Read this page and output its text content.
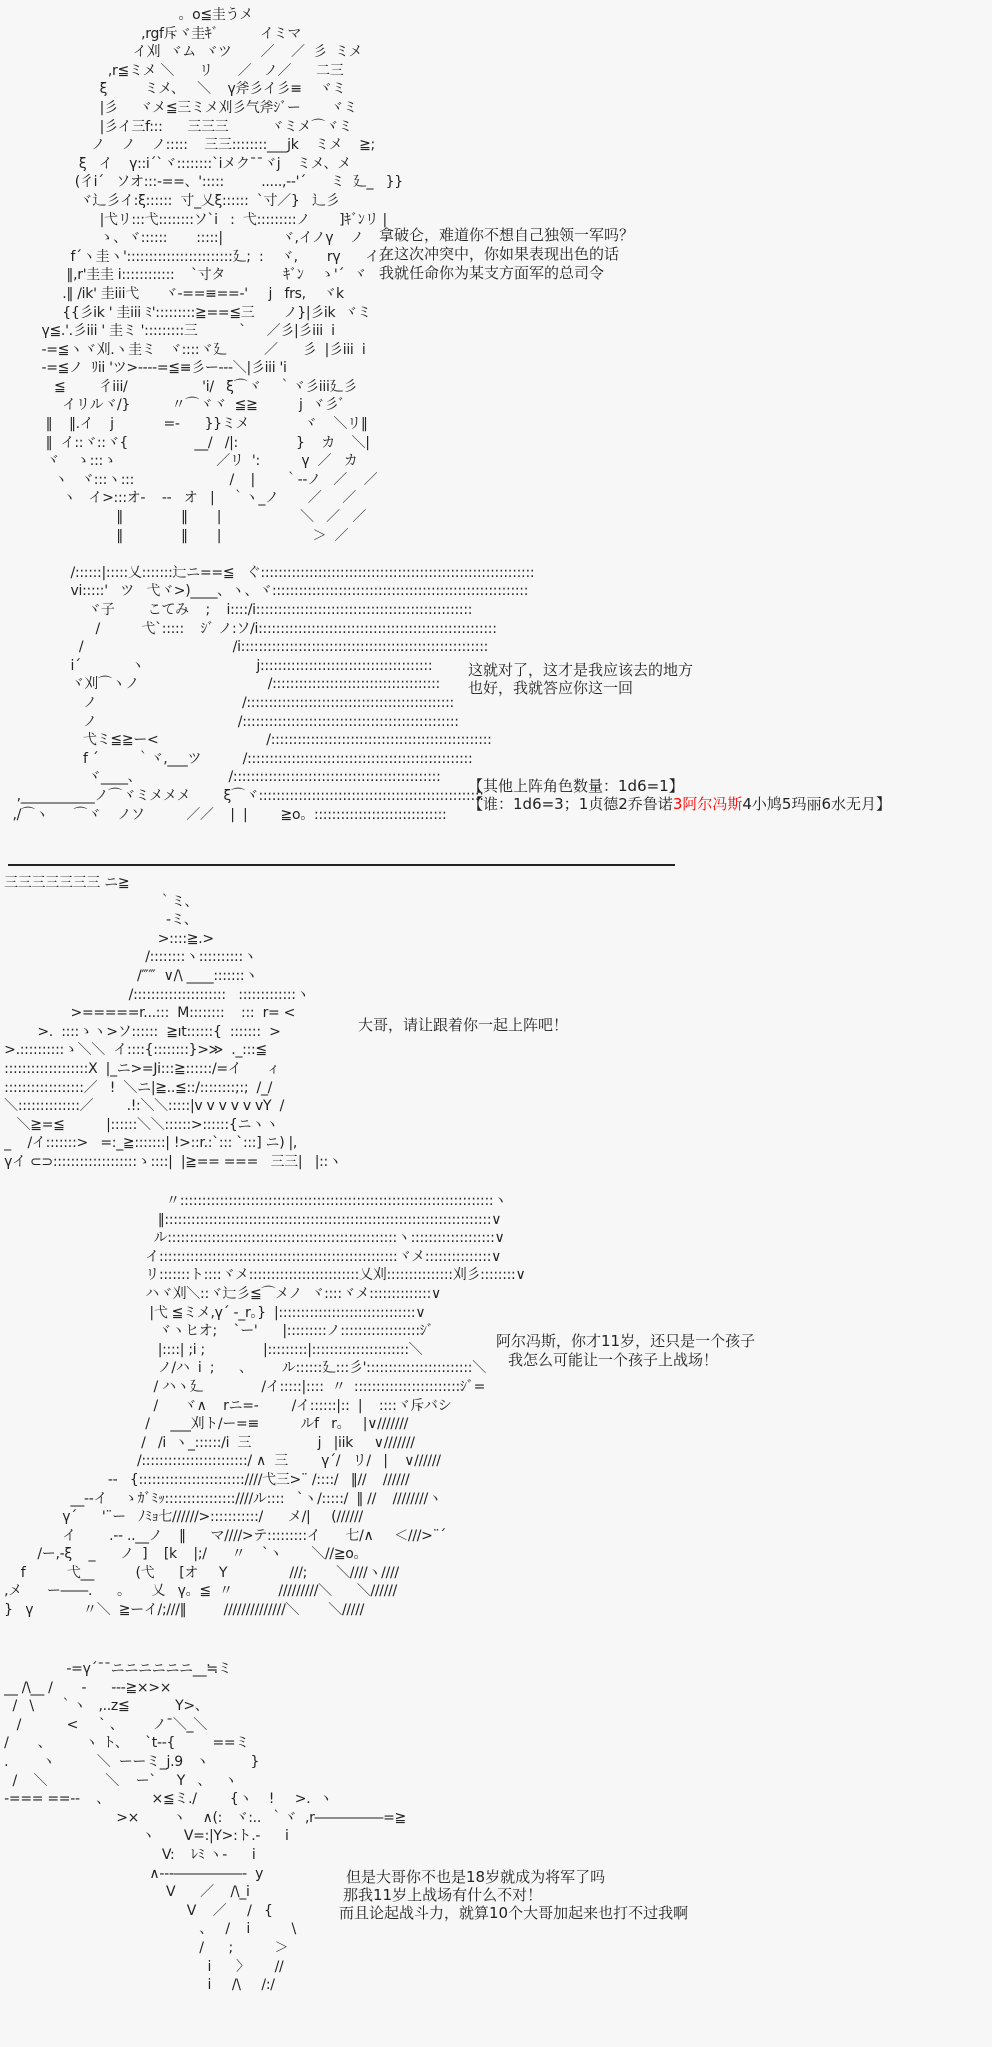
。o≦圭うメ
,rgf斥ヾ圭ｷﾞ          イミマ
イ刈  ヾム  ヾツ       ／    ／  彡  ミメ
,r≦ミメ ＼      リ      ／   ノ／      二三
ξ         ミメ、   ＼    ү斧彡イ彡≡    ヾミ
|彡     ヾメ≦三ミメ刈彡气斧ｼﾞー       ヾミ
|彡イ三f:::      三三三          ヾミメ⌒ヾミ
ノ    ノ    ノ:::::    三三::::::::___jk    ミメ    ≧;
ξ   イ    ү::i´`ヾ::::::::`iメク¯¯ヾj    ミメ、メ
(彳i´   ソオ:::-==、':::::         .....,-‐'´      ミ  廴_   }}
ヾ辶彡イ:ξ::::::  寸_乂ξ::::::  `寸／}   辶彡
|弋リ:::弋::::::::ソ`i   :  弋:::::::::ノ       ]ｷﾞﾝリ |
ゝ、ヾ::::::       :::::|              ヾ,イノү    ノ
f´ヽ圭ヽ'::::::::::::::::::::::::廴;  :    ヾ,       rү      イ／
‖,r'圭圭 i::::::::::::    `寸タ              ｷﾞﾝ    ゝ'´  ヾ
.‖ /ik' 圭iii弋      ヾ-==≡==-'     j   frs,    ヾk
{{彡ik ' 圭iii ﾐ':::::::::≧==≦三       ノ}|彡ik  ヾミ
ү≦.'.彡iii ' 圭ミ ':::::::::三          `     ／彡|彡iii  i
-=≦ヽヾ刈.ヽ圭ミ   ヾ::::ヾ廴         ／      彡  |彡iii  i
-=≦ノ  ﾘii 'ツ>----=≦≡彡ー---＼|彡iii 'i
≦        彳iii/                  'i/   ξ⌒ヾ    ｀ヾ彡iii廴彡
イリルヾ/}          〃⌒ヾヾ  ≦≧          j  ヾ彡ﾞ
‖    ‖.イ    j            =-      }}ミメ             ヾ    ＼リ‖
‖  イ::ヾ::ヾ{                __/   /|:              }    カ    ＼|
ヾ    ゝ:::ゝ                        ／リ  ':          ү  ／   カ
ヽ   ヾ:::ヽ:::                       /    |       ｀--ノ   ／    ／
ヽ   イ>:::オ-    --   オ   |    ｀ヽ_ノ       ／     ／
‖              ‖       |                   ＼   ／   ／
‖              ‖       |                      ＞  ／
/::::::|:::::乂:::::::辷ニ==≦   ぐ::::::::::::::::::::::::::::::::::::::::::::::::::::::::::::::
vi:::::'   ツ   弋ヾ>)____、ヽ、ヾ::::::::::::::::::::::::::::::::::::::::::::::::::::::::::
ヾ子        こてみ    ;    i::::/i:::::::::::::::::::::::::::::::::::::::::::::::::
/          弋`:::::    ｼﾞ ノ:ソ/i::::::::::::::::::::::::::::::::::::::::::::::::::::::
/                                    /i::::::::::::::::::::::::::::::::::::::::::::::::::::::::
i´            ヽ                           j:::::::::::::::::::::::::::::::::::::::
ヾ刈⌒ヽノ                               /::::::::::::::::::::::::::::::::::::::
ノ                                   /:::::::::::::::::::::::::::::::::::::::::::::::
ノ                                  /:::::::::::::::::::::::::::::::::::::::::::::::::
弋ミ≦≧ー<                          /::::::::::::::::::::::::::::::::::::::::::::::::::
f ´         ｀ヾ,___ツ          /:::::::::::::::::::::::::::::::::::::::::::::::::::
ヾ____、                     /:::::::::::::::::::::::::::::::::::::::::::::::
,___________ノ⌒ヾミメメメ        ξ⌒ヾ:::::::::::::::::::::::::::::::::::::::::::::::::::
,/⌒ヽ      ⌒ヾ    ノソ          ／／    |  |        ≧o。::::::::::::::::::::::::::::::
拿破仑，难道你不想自己独领一军吗？
在这次冲突中，你如果表现出色的话
我就任命你为某支方面军的总司令
这就对了，这才是我应该去的地方
也好，我就答应你这一回
【其他上阵角色数量：1d6=1】
【谁：1d6=3；1贞德2乔鲁诺3阿尔冯斯4小鸠5玛丽6水无月】
三三三三三三三 ニ≧
｀ミ、
‐ミ、
>::::≧.>
/::::::::ヽ::::::::::ヽ
/‴‴  ∨/\ ____:::::::ヽ
/:::::::::::::::::::::   :::::::::::::ヽ
>=====r...:::  M::::::::    :::  r= <
>.  ::::ゝヽ>ソ::::::  ≧ıt::::::{  :::::::  >
>.::::::::::ゝ＼＼  イ::::{::::::::}>≫  ._:::≦
:::::::::::::::::::X  |_ニ>=Ji:::≧::::::/=イ      ィ
::::::::::::::::::／   !  ＼ニ|≧..≦::/::::::::;:;  /_/
＼::::::::::::::／        .!:＼＼:::::|v v v v v vY  /
＼≧=≦          |::::::＼＼::::::>::::::{ニヽヽ
_    /イ:::::::>   =:_≧:::::::| !>::r.:`::: `:::] ニ) |,
үイ ⊂⊃:::::::::::::::::::ゝ::::|  |≧== ===   三三|   |::ヽ
大哥，请让跟着你一起上阵吧！
〃:::::::::::::::::::::::::::::::::::::::::::::::::::::::::::::::::::::::ヽ
‖::::::::::::::::::::::::::::::::::::::::::::::::::::::::::::::::::::::::::∨
ル::::::::::::::::::::::::::::::::::::::::::::::::::::ヽ:::::::::::::::::::∨
イ::::::::::::::::::::::::::::::::::::::::::::::::::::::ヾメ:::::::::::::::∨
リ:::::::ト::::ヾメ:::::::::::::::::::::::::乂刈:::::::::::::::刈彡::::::::∨
ハヾ刈＼::ヾ辷彡≦⌒メノ  ヾ::::ヾメ::::::::::::::∨
|弋 ≦ミメ,ү´ -_r。}  |:::::::::::::::::::::::::::::::∨
ヾヽヒオ;    `ー'      |:::::::::ノ::::::::::::::::::ｼﾞ
|::::| ;i ;              |:::::::::|::::::::::::::::::::::＼
ノ/ハ  i  ;      、       ル::::::廴:::彡'::::::::::::::::::::::::＼
/ ハヽ廴              /イ:::::|::::  〃  ::::::::::::::::::::::::ｼﾞ=
/      ヾ∧    rニ=-        /イ::::::|::  |    ::::ヾ斥バシ
/     ___刈ト/ー=≡          ルf   r。   |∨///////
/   /i  ヽ_::::::/i  三                j   |iik     ∨///////
/::::::::::::::::::::::::/ ∧  三        ү´/   リ/   |    ∨//////
--   {::::::::::::::::::::::::////弋三>¨ /::::/   ‖//    //////
__--イ    ゝｶﾞﾐｯ::::::::::::::::////ル::::   `ヽ/:::::/  ‖ //    ////////ヽ
ү´      '¨ー   ﾉﾐｮ七//////>:::::::::::/      メ/|     (//////
イ        .-- ..__ノ    ‖      マ////>テ:::::::::イ      七/∧     ＜///>¨´
/ー,‐ξ    _      ノ  ]    [k    |;/      〃    `ヽ       ＼//≧o。
f          弋__          (弋      [オ     Y               ///;       ＼////ヽ////
,メ      ー――.      。     乂   ү。≦  〃           /////////＼      ＼//////
}   ү            〃＼  ≧ーイ/;///‖         //////////////＼       ＼/////
阿尔冯斯，你才11岁，还只是一个孩子
我怎么可能让一个孩子上战场！
-=ү´¯¯ニニニニニニ__≒ミ
__ /\__ /       -      ---≧×>×
/   \      ｀ヽ   ,..z≦           Y>、
/           <     ` 、       ノ¯＼_＼
/       、        ヽ ト、    `t--{         ==ミ
.        ヽ          ＼  ーーミ_j.9   ヽ          }
/    ＼              ＼    ー`     Y   、   ヽ
-=== ==--    、          ×≦ミ./        {ヽ    !     >.  ヽ
>×        ヽ    ∧(:   ヾ:..  ｀ヾ  ,r―――――=≧
ヽ       V=:|Y>:ト.-      i
V:    ﾚﾐ ヽ-      i
∧---―――――‐  y
V      ／    /\_i
V    ／     /   {
、   /    i          \
/      ;          ＞
i      〉      //
i     /\     /:/
但是大哥你不也是18岁就成为将军了吗
那我11岁上战场有什么不对！
而且论起战斗力，就算10个大哥加起来也打不过我啊
